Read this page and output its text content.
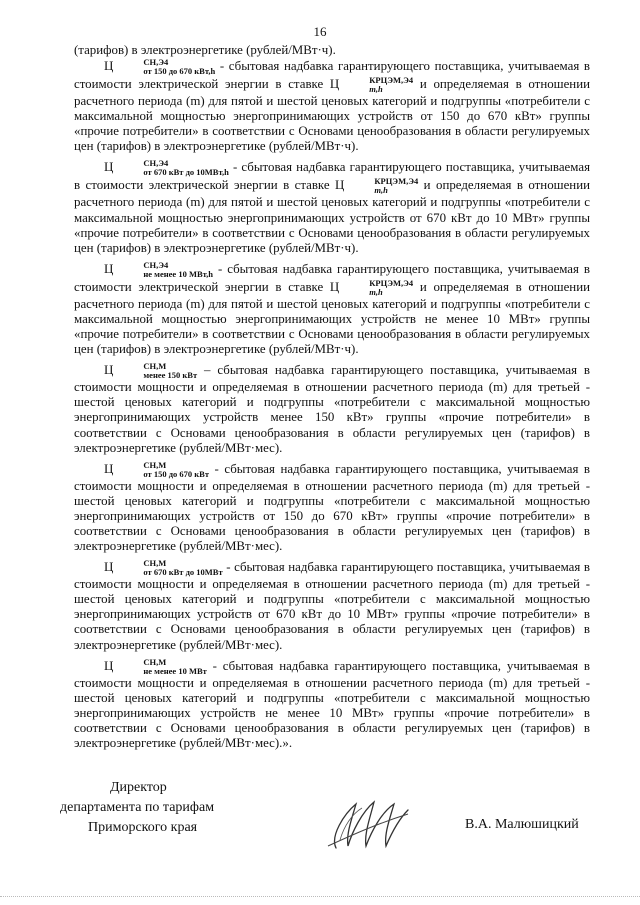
16

(тарифов) в электроэнергетике (рублей/МВт·ч).

Ц	СН,Э4
от 150 до 670 кВт,h - сбытовая надбавка гарантирующего поставщика, учитываемая в стоимости электрической энергии в ставке Ц	КРЦЭМ,Э4
m,h	и определяемая в отношении расчетного периода (m) для пятой и шестой ценовых категорий и подгруппы «потребители с максимальной мощностью энергопринимающих устройств от 150 до 670 кВт» группы «прочие потребители» в соответствии с Основами ценообразования в области регулируемых цен (тарифов) в электроэнергетике (рублей/МВт·ч).

Ц	СН,Э4
от 670 кВт до 10МВт,h - сбытовая надбавка гарантирующего поставщика, учитываемая в стоимости электрической энергии в ставке Ц	КРЦЭМ,Э4
m,h	и определяемая в отношении расчетного периода (m) для пятой и шестой ценовых категорий и подгруппы «потребители с максимальной мощностью энергопринимающих устройств от 670 кВт до 10 МВт» группы «прочие потребители» в соответствии с Основами ценообразования в области регулируемых цен (тарифов) в электроэнергетике (рублей/МВт·ч).

Ц	СН,Э4
не менее 10 МВт,h - сбытовая надбавка гарантирующего поставщика, учитываемая в стоимости электрической энергии в ставке Ц	КРЦЭМ,Э4
m,h	и определяемая в отношении расчетного периода (m) для пятой и шестой ценовых категорий и подгруппы «потребители с максимальной мощностью энергопринимающих устройств не менее 10 МВт» группы «прочие потребители» в соответствии с Основами ценообразования в области регулируемых цен (тарифов) в электроэнергетике (рублей/МВт·ч).

Ц	СН,М
менее 150 кВт – сбытовая надбавка гарантирующего поставщика, учитываемая в стоимости мощности и определяемая в отношении расчетного периода (m) для третьей - шестой ценовых категорий и подгруппы «потребители с максимальной мощностью энергопринимающих устройств менее 150 кВт» группы «прочие потребители» в соответствии с Основами ценообразования в области регулируемых цен (тарифов) в электроэнергетике (рублей/МВт·мес).

Ц	СН,М
от 150 до 670 кВт - сбытовая надбавка гарантирующего поставщика, учитываемая в стоимости мощности и определяемая в отношении расчетного периода (m) для третьей - шестой ценовых категорий и подгруппы «потребители с максимальной мощностью энергопринимающих устройств от 150 до 670 кВт» группы «прочие потребители» в соответствии с Основами ценообразования в области регулируемых цен (тарифов) в электроэнергетике (рублей/МВт·мес).

Ц	СН,М
от 670 кВт до 10МВт - сбытовая надбавка гарантирующего поставщика, учитываемая в стоимости мощности и определяемая в отношении расчетного периода (m) для третьей - шестой ценовых категорий и подгруппы «потребители с максимальной мощностью энергопринимающих устройств от 670 кВт до 10 МВт» группы «прочие потребители» в соответствии с Основами ценообразования в области регулируемых цен (тарифов) в электроэнергетике (рублей/МВт·мес).

Ц	СН,М
не менее 10 МВт - сбытовая надбавка гарантирующего поставщика, учитываемая в стоимости мощности и определяемая в отношении расчетного периода (m) для третьей - шестой ценовых категорий и подгруппы «потребители с максимальной мощностью энергопринимающих устройств не менее 10 МВт» группы «прочие потребители» в соответствии с Основами ценообразования в области регулируемых цен (тарифов) в электроэнергетике (рублей/МВт·мес).».

Директор
департамента по тарифам
Приморского края	В.А. Малюшицкий
